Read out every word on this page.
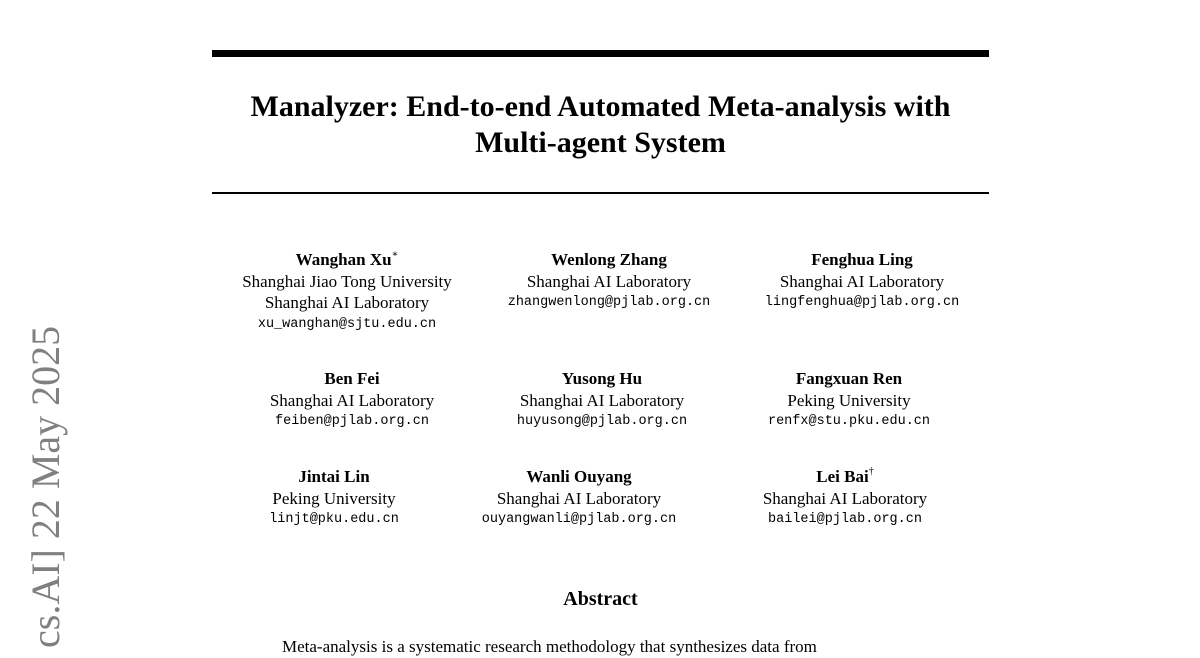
cs.AI] 22 May 2025
Manalyzer: End-to-end Automated Meta-analysis with Multi-agent System
Wanghan Xu∗
Shanghai Jiao Tong University
Shanghai AI Laboratory
xu_wanghan@sjtu.edu.cn
Wenlong Zhang
Shanghai AI Laboratory
zhangwenlong@pjlab.org.cn
Fenghua Ling
Shanghai AI Laboratory
lingfenghua@pjlab.org.cn
Ben Fei
Shanghai AI Laboratory
feiben@pjlab.org.cn
Yusong Hu
Shanghai AI Laboratory
huyusong@pjlab.org.cn
Fangxuan Ren
Peking University
renfx@stu.pku.edu.cn
Jintai Lin
Peking University
linjt@pku.edu.cn
Wanli Ouyang
Shanghai AI Laboratory
ouyangwanli@pjlab.org.cn
Lei Bai†
Shanghai AI Laboratory
bailei@pjlab.org.cn
Abstract

Meta-analysis is a systematic research methodology that synthesizes data from
